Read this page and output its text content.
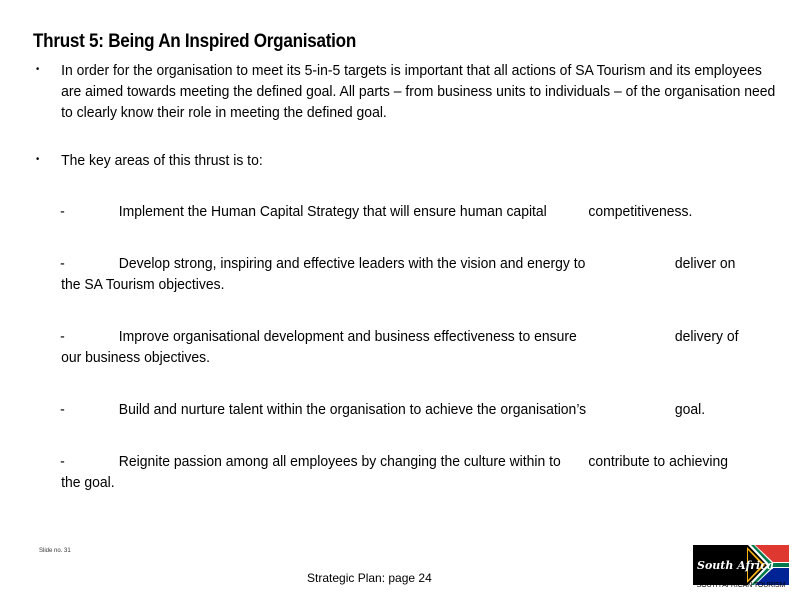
Thrust 5: Being An Inspired Organisation
• In order for the organisation to meet its 5-in-5 targets is important that all actions of SA Tourism and its employees are aimed towards meeting the defined goal. All parts – from business units to individuals – of the organisation need to clearly know their role in meeting the defined goal.
• The key areas of this thrust is to:
-	Implement the Human Capital Strategy that will ensure human capital	competitiveness.
-	Develop strong, inspiring and effective leaders with the vision and energy to	deliver on
the SA Tourism objectives.
-	Improve organisational development and business effectiveness to ensure	delivery of
our business objectives.
-	Build and nurture talent within the organisation to achieve the organisation’s	goal.
-	Reignite passion among all employees by changing the culture within to contribute to achieving
the goal.
Slide no. 31
Strategic Plan: page 24
South Africa
SOUTH AFRICAN TOURISM
